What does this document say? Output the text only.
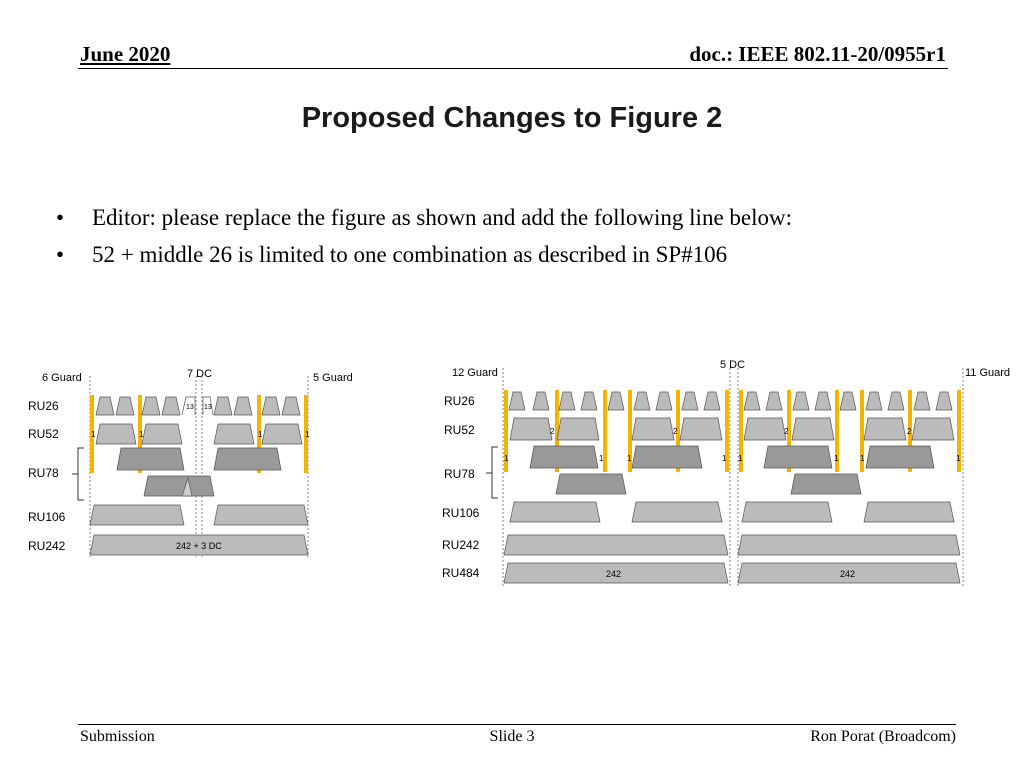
June 2020	doc.: IEEE 802.11-20/0955r1
Proposed Changes to Figure 2
• Editor: please replace the figure as shown and add the following line below:
• 52 + middle 26 is limited to one combination as described in SP#106
6 Guard	7 DC	5 Guard
RU26
RU52
RU78
RU106
RU242
13 13
1	1	1	1
242 + 3 DC
12 Guard
5 DC
11 Guard
RU26
RU52
RU78
RU106
RU242
RU484
2	2	2	2
1	1	1	1 1	1	1	1
242	242
Submission	Slide 3	Ron Porat (Broadcom)
